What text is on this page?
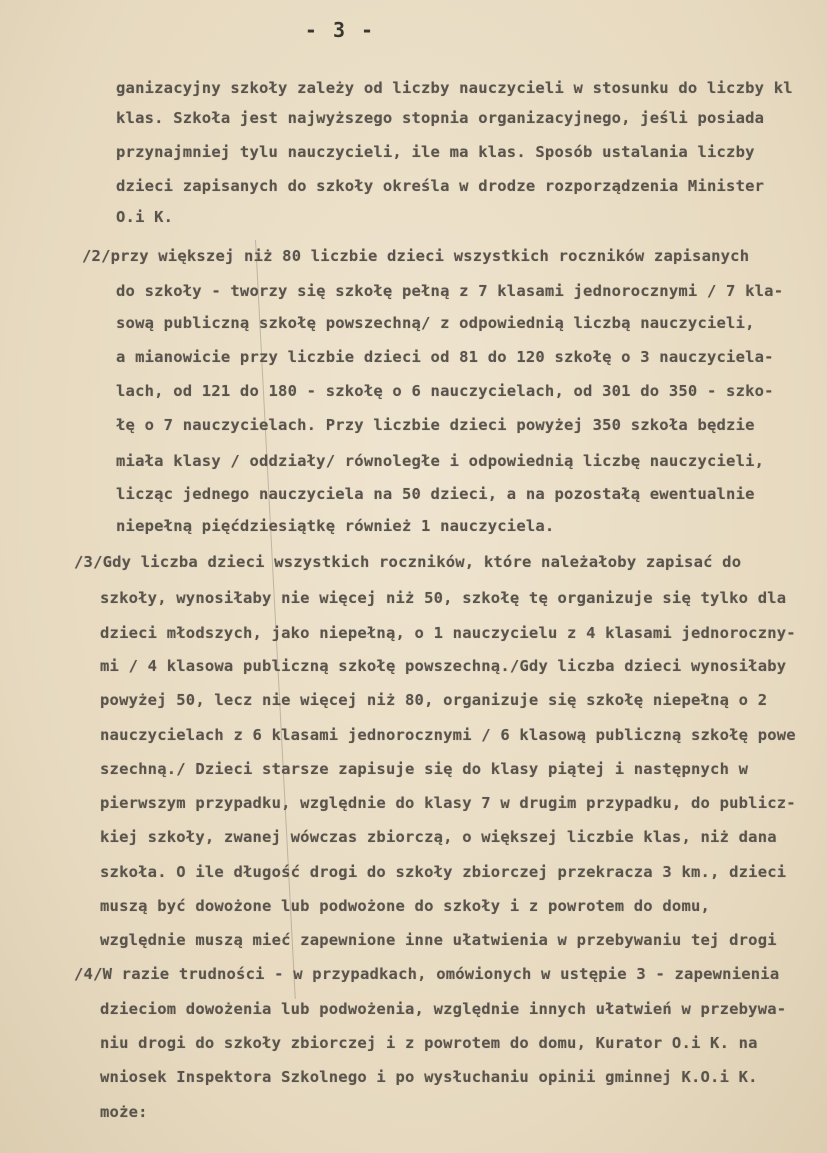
- 3 -
ganizacyjny szkoły zależy od liczby nauczycieli w stosunku do liczby kl
klas. Szkoła jest najwyższego stopnia organizacyjnego, jeśli posiada
przynajmniej tylu nauczycieli, ile ma klas. Sposób ustalania liczby
dzieci zapisanych do szkoły określa w drodze rozporządzenia Minister
O.i K.
/2/przy większej niż 80 liczbie dzieci wszystkich roczników zapisanych
do szkoły - tworzy się szkołę pełną z 7 klasami jednorocznymi / 7 kla-
sową publiczną szkołę powszechną/ z odpowiednią liczbą nauczycieli,
a mianowicie przy liczbie dzieci od 81 do 120 szkołę o 3 nauczyciela-
lach, od 121 do 180 - szkołę o 6 nauczycielach, od 301 do 350 - szko-
łę o 7 nauczycielach. Przy liczbie dzieci powyżej 350 szkoła będzie
miała klasy / oddziały/ równoległe i odpowiednią liczbę nauczycieli,
licząc jednego nauczyciela na 50 dzieci, a na pozostałą ewentualnie
niepełną pięćdziesiątkę również 1 nauczyciela.
/3/Gdy liczba dzieci wszystkich roczników, które należałoby zapisać do
szkoły, wynosiłaby nie więcej niż 50, szkołę tę organizuje się tylko dla
dzieci młodszych, jako niepełną, o 1 nauczycielu z 4 klasami jednoroczny-
mi / 4 klasowa publiczną szkołę powszechną./Gdy liczba dzieci wynosiłaby
powyżej 50, lecz nie więcej niż 80, organizuje się szkołę niepełną o 2
nauczycielach z 6 klasami jednorocznymi / 6 klasową publiczną szkołę powe
szechną./ Dzieci starsze zapisuje się do klasy piątej i następnych w
pierwszym przypadku, względnie do klasy 7 w drugim przypadku, do publicz-
kiej szkoły, zwanej wówczas zbiorczą, o większej liczbie klas, niż dana
szkoła. O ile długość drogi do szkoły zbiorczej przekracza 3 km., dzieci
muszą być dowożone lub podwożone do szkoły i z powrotem do domu,
względnie muszą mieć zapewnione inne ułatwienia w przebywaniu tej drogi
/4/W razie trudności - w przypadkach, omówionych w ustępie 3 - zapewnienia
dzieciom dowożenia lub podwożenia, względnie innych ułatwień w przebywa-
niu drogi do szkoły zbiorczej i z powrotem do domu, Kurator O.i K. na
wniosek Inspektora Szkolnego i po wysłuchaniu opinii gminnej K.O.i K.
może:
